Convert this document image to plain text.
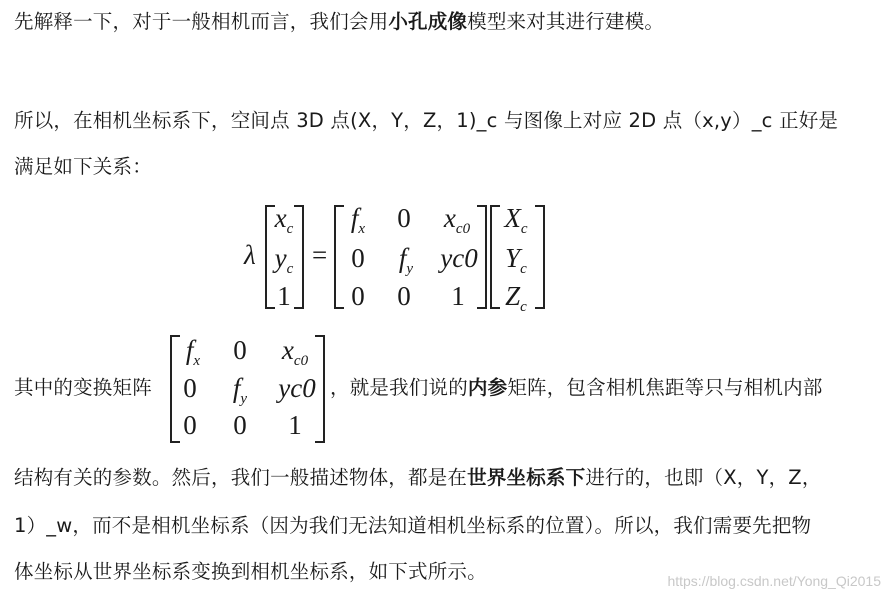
先解释一下，对于一般相机而言，我们会用小孔成像模型来对其进行建模。
所以，在相机坐标系下，空间点 3D 点(X，Y，Z，1)_c 与图像上对应 2D 点（x,y）_c 正好是
满足如下关系：
λ
$x_c$
$y_c$
1
=
$f_x$ 0 $x_{c0}$
0	$f_y$ yc0
0	0 1
$X_c$
$Y_c$
$Z_c$
其中的变换矩阵
$f_x$ 0 $x_{c0}$
0 $f_y$ yc0
0 0 1
，就是我们说的内参矩阵，包含相机焦距等只与相机内部
结构有关的参数。然后，我们一般描述物体，都是在世界坐标系下进行的，也即（X，Y，Z，
1）_w，而不是相机坐标系（因为我们无法知道相机坐标系的位置）。所以，我们需要先把物
体坐标从世界坐标系变换到相机坐标系，如下式所示。	https://blog.csdn.net/Yong_Qi2015
